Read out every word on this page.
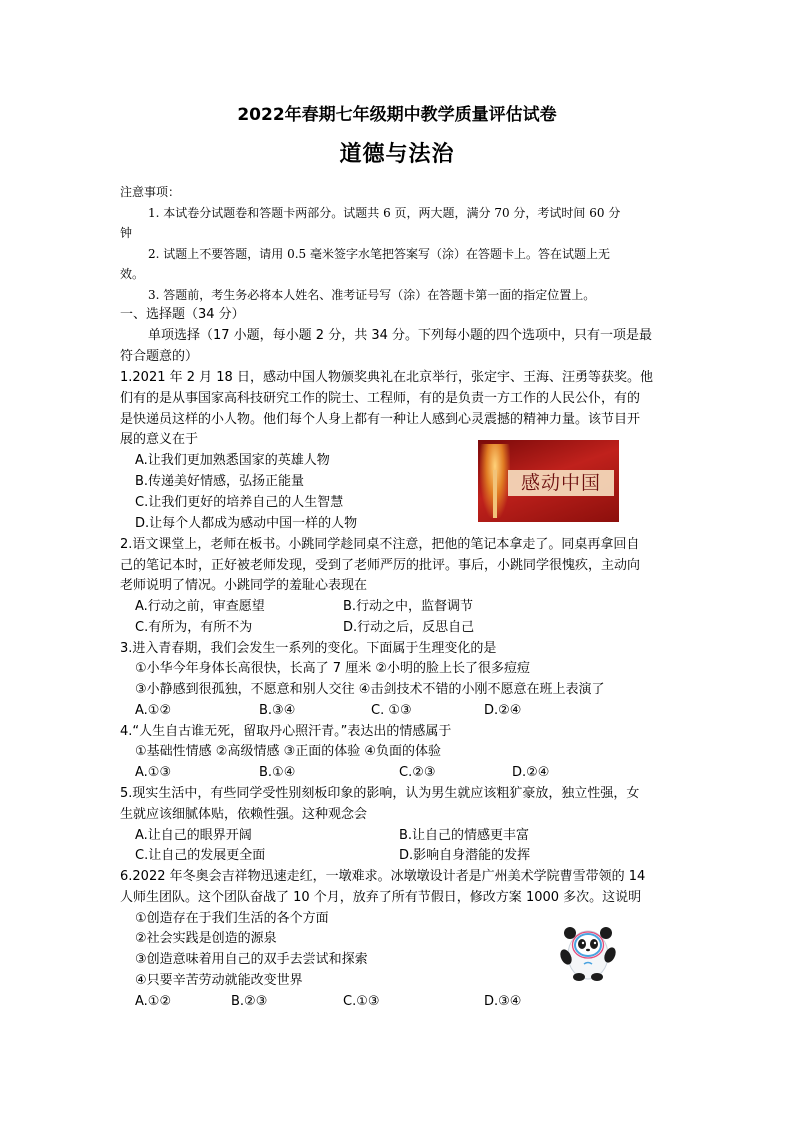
2022年春期七年级期中教学质量评估试卷
道德与法治
注意事项：
1. 本试卷分试题卷和答题卡两部分。试题共 6 页，两大题，满分 70 分，考试时间 60 分
钟
2. 试题上不要答题，请用 0.5 毫米签字水笔把答案写（涂）在答题卡上。答在试题上无
效。
3. 答题前，考生务必将本人姓名、准考证号写（涂）在答题卡第一面的指定位置上。
一、选择题（34 分）
单项选择（17 小题，每小题 2 分，共 34 分。下列每小题的四个选项中，只有一项是最
符合题意的）
1.2021 年 2 月 18 日，感动中国人物颁奖典礼在北京举行，张定宇、王海、汪勇等获奖。他
们有的是从事国家高科技研究工作的院士、工程师，有的是负责一方工作的人民公仆，有的
是快递员这样的小人物。他们每个人身上都有一种让人感到心灵震撼的精神力量。该节目开
展的意义在于
A.让我们更加熟悉国家的英雄人物
B.传递美好情感，弘扬正能量
C.让我们更好的培养自己的人生智慧
D.让每个人都成为感动中国一样的人物
感动中国
2.语文课堂上，老师在板书。小跳同学趁同桌不注意，把他的笔记本拿走了。同桌再拿回自
己的笔记本时，正好被老师发现，受到了老师严厉的批评。事后，小跳同学很愧疚，主动向
老师说明了情况。小跳同学的羞耻心表现在
A.行动之前，审查愿望	B.行动之中，监督调节
C.有所为，有所不为	D.行动之后，反思自己
3.进入青春期，我们会发生一系列的变化。下面属于生理变化的是
①小华今年身体长高很快，长高了 7 厘米 ②小明的脸上长了很多痘痘
③小静感到很孤独，不愿意和别人交往 ④击剑技术不错的小刚不愿意在班上表演了
A.①②	B.③④	C. ①③	D.②④
4.“人生自古谁无死，留取丹心照汗青。”表达出的情感属于
①基础性情感 ②高级情感 ③正面的体验 ④负面的体验
A.①③	B.①④	C.②③	D.②④
5.现实生活中，有些同学受性别刻板印象的影响，认为男生就应该粗犷豪放，独立性强，女
生就应该细腻体贴，依赖性强。这种观念会
A.让自己的眼界开阔	B.让自己的情感更丰富
C.让自己的发展更全面	D.影响自身潜能的发挥
6.2022 年冬奥会吉祥物迅速走红，一墩难求。冰墩墩设计者是广州美术学院曹雪带领的 14
人师生团队。这个团队奋战了 10 个月，放弃了所有节假日，修改方案 1000 多次。这说明
①创造存在于我们生活的各个方面
②社会实践是创造的源泉
③创造意味着用自己的双手去尝试和探索
④只要辛苦劳动就能改变世界
A.①②	B.②③	C.①③	D.③④
